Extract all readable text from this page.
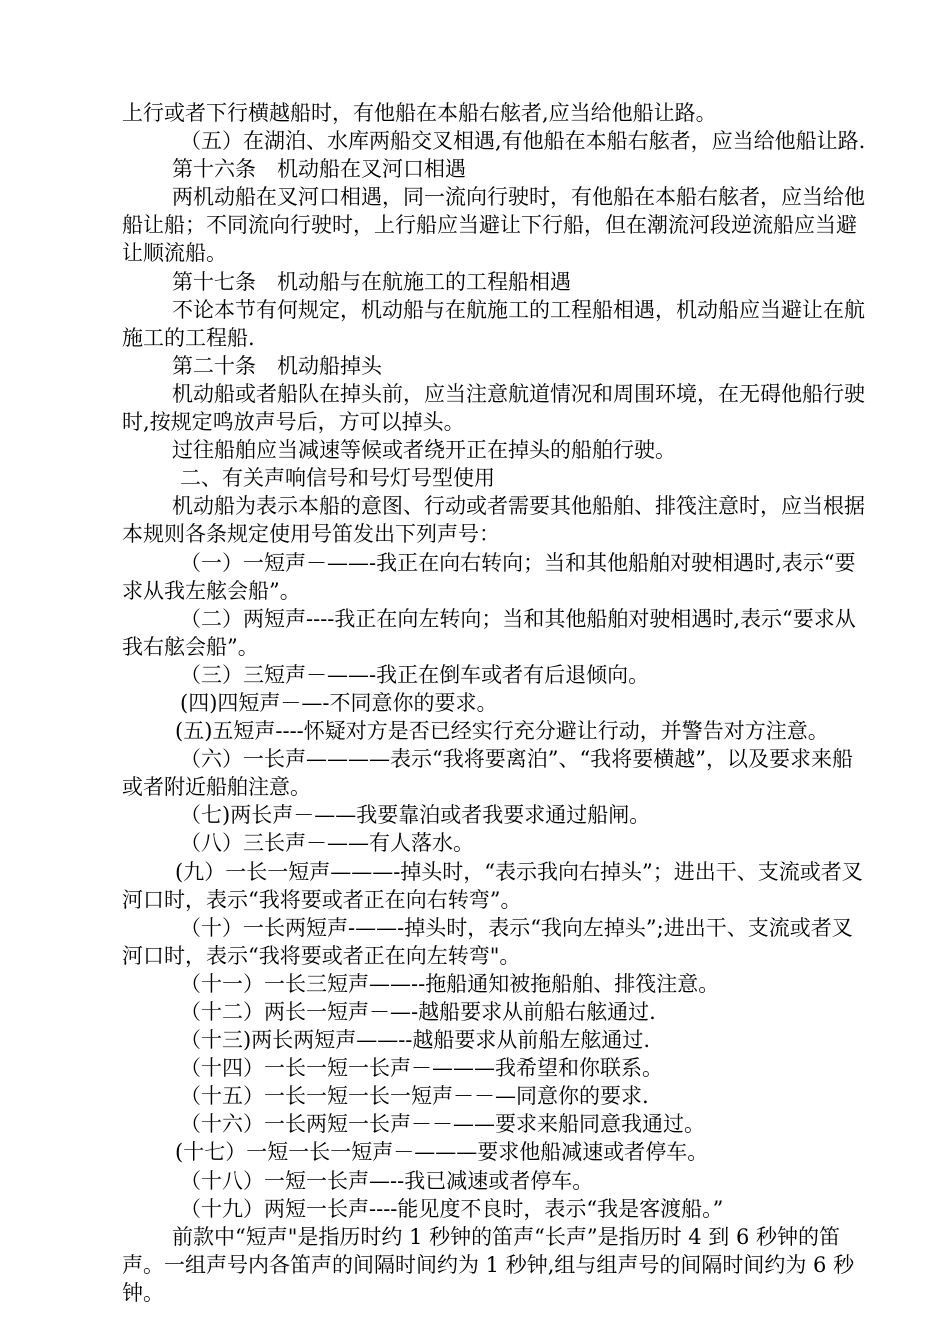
上行或者下行横越船时，有他船在本船右舷者,应当给他船让路。

（五）在湖泊、水库两船交叉相遇,有他船在本船右舷者，应当给他船让路.

第十六条　机动船在叉河口相遇

两机动船在叉河口相遇，同一流向行驶时，有他船在本船右舷者，应当给他船让船；不同流向行驶时，上行船应当避让下行船，但在潮流河段逆流船应当避让顺流船。

第十七条　机动船与在航施工的工程船相遇

不论本节有何规定，机动船与在航施工的工程船相遇，机动船应当避让在航施工的工程船.

第二十条　机动船掉头

机动船或者船队在掉头前，应当注意航道情况和周围环境，在无碍他船行驶时,按规定鸣放声号后，方可以掉头。

过往船舶应当减速等候或者绕开正在掉头的船舶行驶。

二、有关声响信号和号灯号型使用

机动船为表示本船的意图、行动或者需要其他船舶、排筏注意时，应当根据本规则各条规定使用号笛发出下列声号：

（一）一短声－——-我正在向右转向；当和其他船舶对驶相遇时,表示“要求从我左舷会船”。

（二）两短声----我正在向左转向；当和其他船舶对驶相遇时,表示“要求从我右舷会船”。

（三）三短声－——-我正在倒车或者有后退倾向。

(四)四短声－—-不同意你的要求。

(五)五短声----怀疑对方是否已经实行充分避让行动，并警告对方注意。

（六）一长声————表示“我将要离泊”、“我将要横越”，以及要求来船或者附近船舶注意。

（七)两长声－——我要靠泊或者我要求通过船闸。

（八）三长声－——有人落水。

(九）一长一短声———-掉头时，“表示我向右掉头”；进出干、支流或者叉河口时，表示“我将要或者正在向右转弯”。

（十）一长两短声-——-掉头时，表示“我向左掉头”;进出干、支流或者叉河口时，表示“我将要或者正在向左转弯"。

（十一）一长三短声——--拖船通知被拖船舶、排筏注意。

（十二）两长一短声－—-越船要求从前船右舷通过.

（十三)两长两短声——--越船要求从前船左舷通过.

（十四）一长一短一长声－———我希望和你联系。

（十五）一长一短一长一短声－－—同意你的要求.

（十六）一长两短一长声－－——要求来船同意我通过。

(十七）一短一长一短声－———要求他船减速或者停车。

（十八）一短一长声—--我已减速或者停车。

（十九）两短一长声----能见度不良时，表示“我是客渡船。”

前款中“短声"是指历时约 1 秒钟的笛声“长声”是指历时 4 到 6 秒钟的笛声。一组声号内各笛声的间隔时间约为 1 秒钟,组与组声号的间隔时间约为 6 秒钟。
